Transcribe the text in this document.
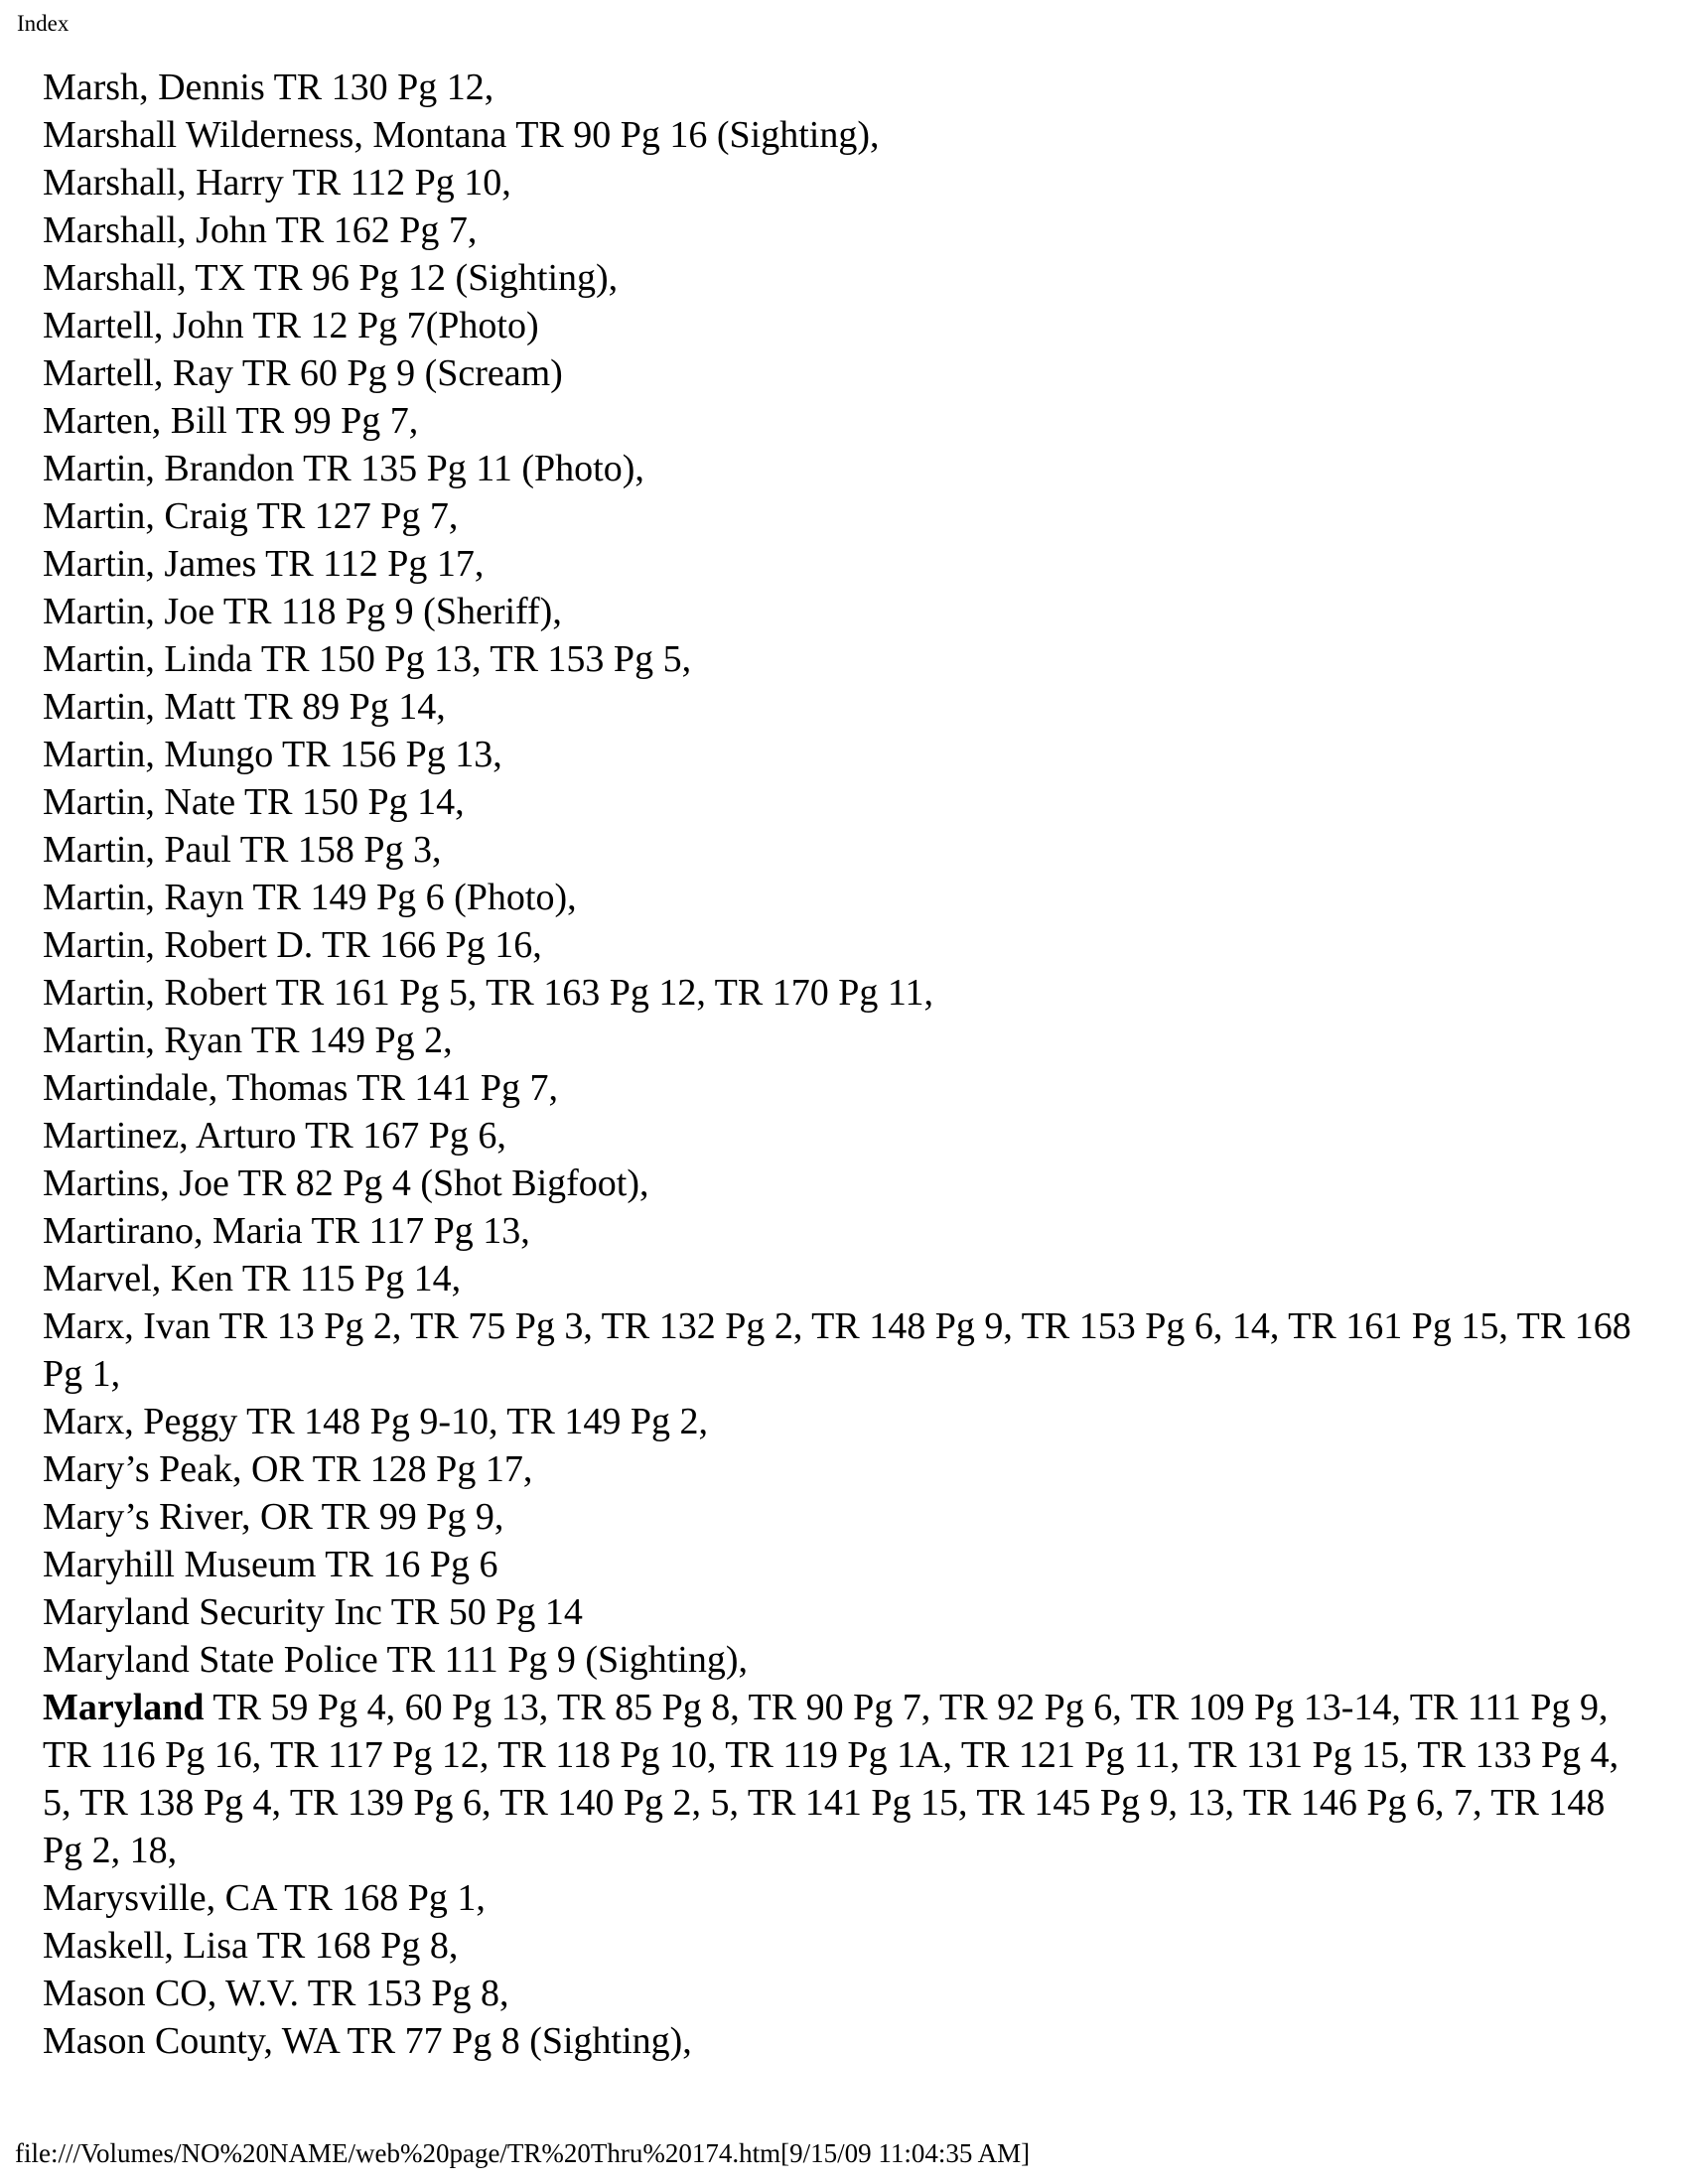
Index
Marsh, Dennis TR 130 Pg 12,
Marshall Wilderness, Montana TR 90 Pg 16 (Sighting),
Marshall, Harry TR 112 Pg 10,
Marshall, John TR 162 Pg 7,
Marshall, TX TR 96 Pg 12 (Sighting),
Martell, John TR 12 Pg 7(Photo)
Martell, Ray TR 60 Pg 9 (Scream)
Marten, Bill TR 99 Pg 7,
Martin, Brandon TR 135 Pg 11 (Photo),
Martin, Craig TR 127 Pg 7,
Martin, James TR 112 Pg 17,
Martin, Joe TR 118 Pg 9 (Sheriff),
Martin, Linda TR 150 Pg 13, TR 153 Pg 5,
Martin, Matt TR 89 Pg 14,
Martin, Mungo TR 156 Pg 13,
Martin, Nate TR 150 Pg 14,
Martin, Paul TR 158 Pg 3,
Martin, Rayn TR 149 Pg 6 (Photo),
Martin, Robert D. TR 166 Pg 16,
Martin, Robert TR 161 Pg 5, TR 163 Pg 12, TR 170 Pg 11,
Martin, Ryan TR 149 Pg 2,
Martindale, Thomas TR 141 Pg 7,
Martinez, Arturo TR 167 Pg 6,
Martins, Joe TR 82 Pg 4 (Shot Bigfoot),
Martirano, Maria TR 117 Pg 13,
Marvel, Ken TR 115 Pg 14,
Marx, Ivan TR 13 Pg 2, TR 75 Pg 3, TR 132 Pg 2, TR 148 Pg 9, TR 153 Pg 6, 14, TR 161 Pg 15, TR 168 Pg 1,
Marx, Peggy TR 148 Pg 9-10, TR 149 Pg 2,
Mary’s Peak, OR TR 128 Pg 17,
Mary’s River, OR TR 99 Pg 9,
Maryhill Museum TR 16 Pg 6
Maryland Security Inc TR 50 Pg 14
Maryland State Police TR 111 Pg 9 (Sighting),
Maryland TR 59 Pg 4, 60 Pg 13, TR 85 Pg 8, TR 90 Pg 7, TR 92 Pg 6, TR 109 Pg 13-14, TR 111 Pg 9, TR 116 Pg 16, TR 117 Pg 12, TR 118 Pg 10, TR 119 Pg 1A, TR 121 Pg 11, TR 131 Pg 15, TR 133 Pg 4, 5, TR 138 Pg 4, TR 139 Pg 6, TR 140 Pg 2, 5, TR 141 Pg 15, TR 145 Pg 9, 13, TR 146 Pg 6, 7, TR 148 Pg 2, 18,
Marysville, CA TR 168 Pg 1,
Maskell, Lisa TR 168 Pg 8,
Mason CO, W.V. TR 153 Pg 8,
Mason County, WA TR 77 Pg 8 (Sighting),
file:///Volumes/NO%20NAME/web%20page/TR%20Thru%20174.htm[9/15/09 11:04:35 AM]
